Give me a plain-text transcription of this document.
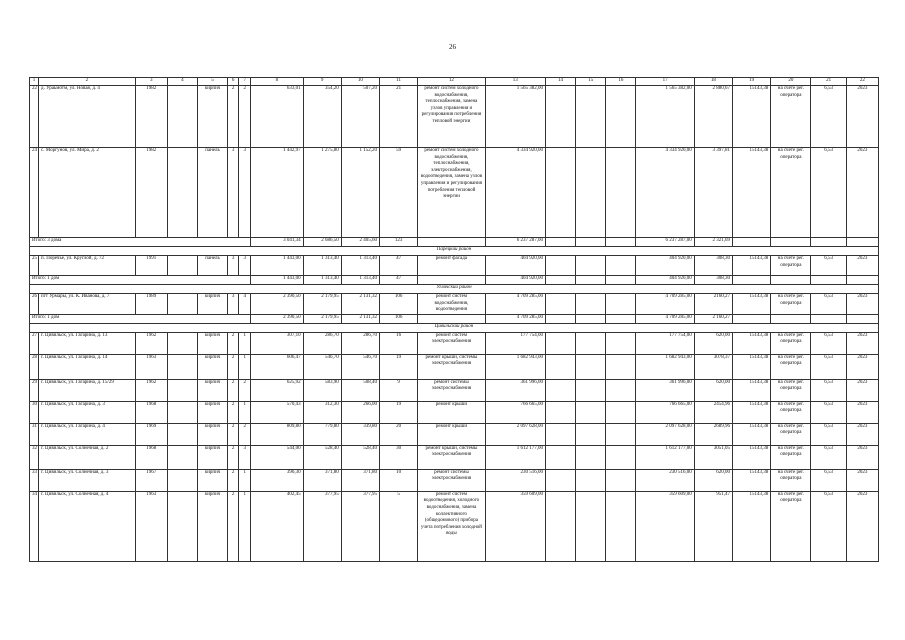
26
1	2	3	4	5	6	7	8	9	10	11	12	13	14	15	16	17	18	19	20	21	22
22	д. Ураьмотм, ул. Новая, д. 4	1982		кирпич	2	2	633,01	354,20	507,20	21	ремонт систем холодного водоснабжения, теплоснабжения, замена узлов управления и регулирования потребления тепловой энергии	1 565 382,00				1 565 382,00	2 880,67	15143,38	на счете рег. оператора	6,53	2023
24	с. Моргунов, ул. Мира, д. 2	1982		панель	3	3	1 442,97	1 275,80	1 152,20	59	ремонт систем холодного водоснабжения, теплоснабжения, электроснабжения, водоотведения, замена узлов управления и регулирования потребления тепловой энергии	4 334 920,00				4 334 920,00	3 397,81	15143,38	на счете рег. оператора	6,53	2023
Итого: 3 дома							3 041,34	2 686,50	2 405,60	123		6 237 287,00				6 237 287,00	2 321,69				
Парецкий район																					
25	п. Поречье, ул. Круглой, д. 72	1991		панель	3	3	1 443,00	1 313,40	1 313,40	47	ремонт фасада	404 920,00				404 920,00	308,30	15143,38	на счете рег. оператора	6,53	2023
Итого: 1 дом							1 443,00	1 313,40	1 313,40	47		404 920,00				404 920,00	308,30				
Угличский район																					
26	пгт Урмары, ул. К. Иванова, д. 7	1989		кирпич	3	4	2 390,50	2 179,95	2 131,32	106	ремонт систем водоснабжения, водоотведения	4 709 285,00				4 709 285,00	2160,27	15143,38	на счете рег. оператора	6,53	2023
Итого: 1 дом							2 390,50	2 179,95	2 131,32	106		4 709 285,00				4 709 285,00	2 160,27				
Цивильский район																					
27	г. Цивильск, ул. Гагарина, д. 13	1962		кирпич	2	1	307,10	286,70	286,70	16	ремонт систем электроснабжения	177 754,00				177 754,00	620,00	15143,38	на счете рег. оператора	6,53	2023
28	г. Цивильск, ул. Гагарина, д. 14	1963		кирпич	2	1	606,47	546,70	546,70	19	ремонт крыши, системы электроснабжения	1 682 943,00				1 682 943,00	3078,37	15143,38	на счете рег. оператора	6,53	2023
29	г. Цивильск, ул. Гагарина, д. 15/29	1962		кирпич	2	2	625,92	583,90	508,40	9	ремонт системы электроснабжения	361 996,00				361 996,00	620,00	15143,38	на счете рег. оператора	6,53	2023
30	г. Цивильск, ул. Гагарина, д. 3	1968		кирпич	2	1	570,43	312,30	266,00	19	ремонт крыши	766 665,00				766 665,00	2454,96	15143,38	на счете рег. оператора	6,53	2023
31	г. Цивильск, ул. Гагарина, д. 4	1969		кирпич	2	2	809,80	779,80	339,80	20	ремонт крыши	2 097 628,00				2 097 628,00	2689,96	15143,38	на счете рег. оператора	6,53	2023
32	г. Цивильск, ул. Солнечная, д. 2	1968		кирпич	2	3	544,00	528,40	528,40	30	ремонт крыши, системы электроснабжения	1 612 177,00				1 612 177,00	3051,05	15143,38	на счете рег. оператора	6,53	2023
33	г. Цивильск, ул. Солнечная, д. 3	1967		кирпич	2	1	396,30	371,80	371,80	10	ремонт системы электроснабжения	230 516,00				230 516,00	620,00	15143,38	на счете рег. оператора	6,53	2023
34	г. Цивильск, ул. Солнечная, д. 4	1963		кирпич	2	1	402,45	377,95	377,95	5	ремонт систем водоотведения, холодного водоснабжения, замена коллективного (общедомового) прибора учета потребления холодной воды	359 609,00				359 609,00	951,47	15143,38	на счете рег. оператора	6,53	2023
